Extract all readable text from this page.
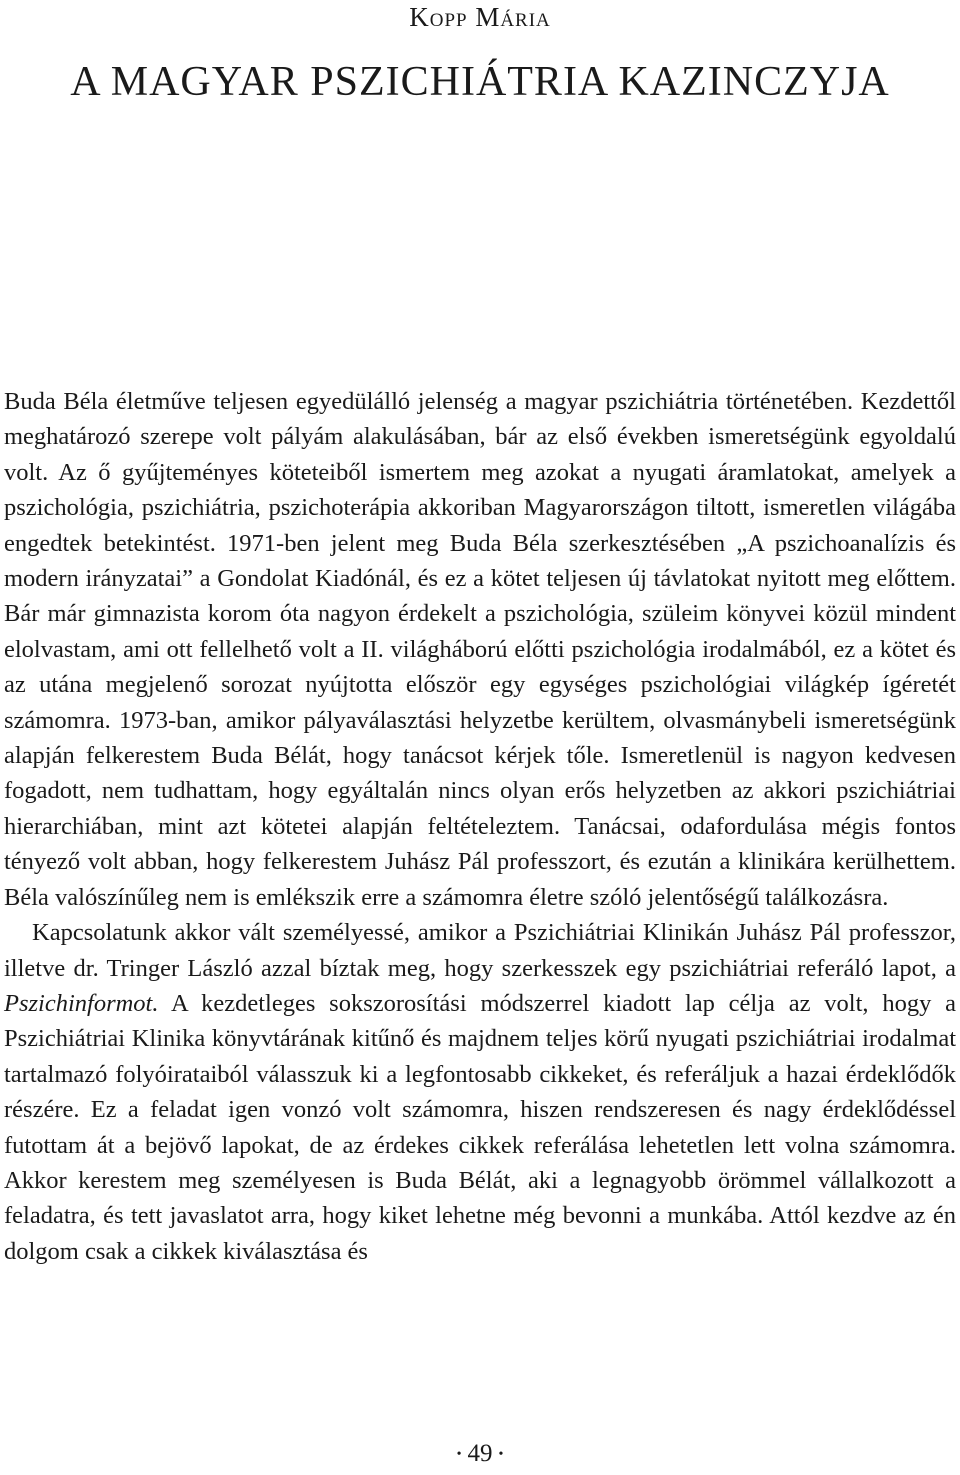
Kopp Mária
A MAGYAR PSZICHIÁTRIA KAZINCZYJA

Buda Béla életműve teljesen egyedülálló jelenség a magyar pszichiátria történetében. Kezdettől meghatározó szerepe volt pályám alakulásában, bár az első években ismeretségünk egyoldalú volt. Az ő gyűjteményes köteteiből ismertem meg azokat a nyugati áramlatokat, amelyek a pszichológia, pszichiátria, pszichoterápia akkoriban Magyarországon tiltott, ismeretlen világába engedtek betekintést. 1971-ben jelent meg Buda Béla szerkesztésében „A pszichoanalízis és modern irányzatai” a Gondolat Kiadónál, és ez a kötet teljesen új távlatokat nyitott meg előttem. Bár már gimnazista korom óta nagyon érdekelt a pszichológia, szüleim könyvei közül mindent elolvastam, ami ott fellelhető volt a II. világháború előtti pszichológia irodalmából, ez a kötet és az utána megjelenő sorozat nyújtotta először egy egységes pszichológiai világkép ígéretét számomra. 1973-ban, amikor pályaválasztási helyzetbe kerültem, olvasmánybeli ismeretségünk alapján felkerestem Buda Bélát, hogy tanácsot kérjek tőle. Ismeretlenül is nagyon kedvesen fogadott, nem tudhattam, hogy egyáltalán nincs olyan erős helyzetben az akkori pszichiátriai hierarchiában, mint azt kötetei alapján feltételeztem. Tanácsai, odafordulása mégis fontos tényező volt abban, hogy felkerestem Juhász Pál professzort, és ezután a klinikára kerülhettem. Béla valószínűleg nem is emlékszik erre a számomra életre szóló jelentőségű találkozásra.

Kapcsolatunk akkor vált személyessé, amikor a Pszichiátriai Klinikán Juhász Pál professzor, illetve dr. Tringer László azzal bíztak meg, hogy szerkesszek egy pszichiátriai referáló lapot, a Pszichinformot. A kezdetleges sokszorosítási módszerrel kiadott lap célja az volt, hogy a Pszichiátriai Klinika könyvtárának kitűnő és majdnem teljes körű nyugati pszichiátriai irodalmat tartalmazó folyóirataiból válasszuk ki a legfontosabb cikkeket, és referáljuk a hazai érdeklődők részére. Ez a feladat igen vonzó volt számomra, hiszen rendszeresen és nagy érdeklődéssel futottam át a bejövő lapokat, de az érdekes cikkek referálása lehetetlen lett volna számomra. Akkor kerestem meg személyesen is Buda Bélát, aki a legnagyobb örömmel vállalkozott a feladatra, és tett javaslatot arra, hogy kiket lehetne még bevonni a munkába. Attól kezdve az én dolgom csak a cikkek kiválasztása és

• 49 •
